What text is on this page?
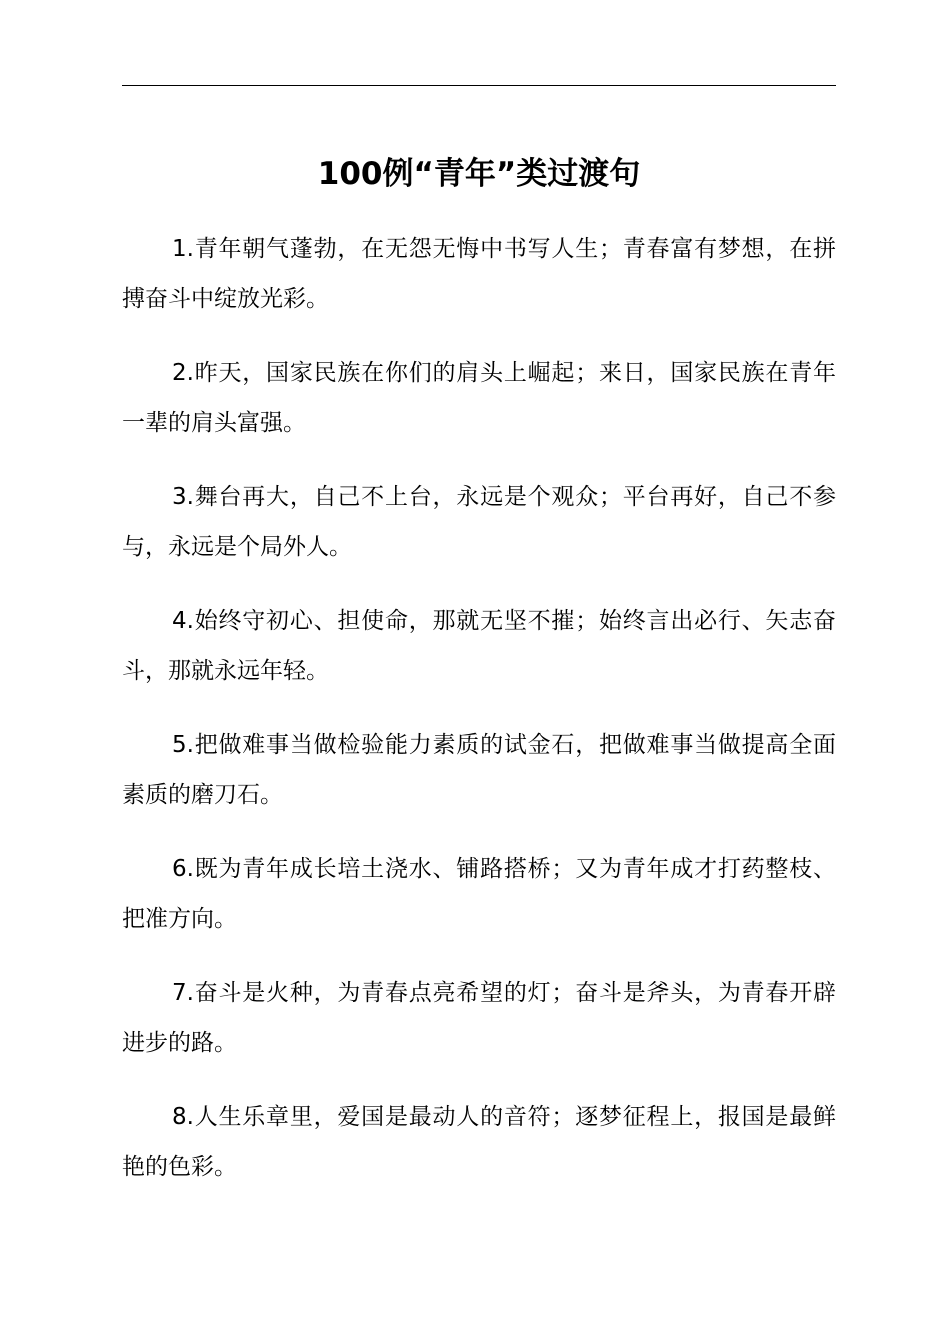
100例“青年”类过渡句

1.青年朝气蓬勃，在无怨无悔中书写人生；青春富有梦想，在拼搏奋斗中绽放光彩。

2.昨天，国家民族在你们的肩头上崛起；来日，国家民族在青年一辈的肩头富强。

3.舞台再大，自己不上台，永远是个观众；平台再好，自己不参与，永远是个局外人。

4.始终守初心、担使命，那就无坚不摧；始终言出必行、矢志奋斗，那就永远年轻。

5.把做难事当做检验能力素质的试金石，把做难事当做提高全面素质的磨刀石。

6.既为青年成长培土浇水、铺路搭桥；又为青年成才打药整枝、把准方向。

7.奋斗是火种，为青春点亮希望的灯；奋斗是斧头，为青春开辟进步的路。

8.人生乐章里，爱国是最动人的音符；逐梦征程上，报国是最鲜艳的色彩。
